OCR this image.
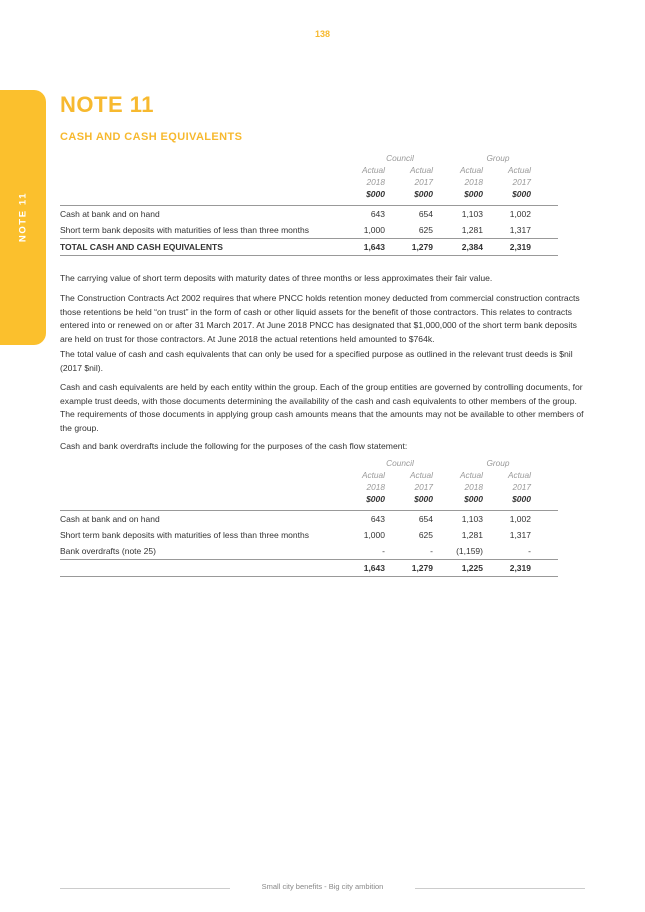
138
NOTE 11
NOTE 11
CASH AND CASH EQUIVALENTS
Council	Group
Actual	Actual	Actual	Actual
2018	2017	2018	2017
$000	$000	$000	$000
Cash at bank and on hand	643	654	1,103	1,002
Short term bank deposits with maturities of less than three months	1,000	625	1,281	1,317
TOTAL CASH AND CASH EQUIVALENTS	1,643	1,279	2,384	2,319

The carrying value of short term deposits with maturity dates of three months or less approximates their fair value.

The Construction Contracts Act 2002 requires that where PNCC holds retention money deducted from commercial construction contracts those retentions be held “on trust” in the form of cash or other liquid assets for the benefit of those contractors. This relates to contracts entered into or renewed on or after 31 March 2017. At June 2018 PNCC has designated that $1,000,000 of the short term bank deposits are held on trust for those contractors. At June 2018 the actual retentions held amounted to $764k.

The total value of cash and cash equivalents that can only be used for a specified purpose as outlined in the relevant trust deeds is $nil (2017 $nil).

Cash and cash equivalents are held by each entity within the group. Each of the group entities are governed by controlling documents, for example trust deeds, with those documents determining the availability of the cash and cash equivalents to other members of the group. The requirements of those documents in applying group cash amounts means that the amounts may not be available to other members of the group.

Cash and bank overdrafts include the following for the purposes of the cash flow statement:

Council	Group
Actual	Actual	Actual	Actual
2018	2017	2018	2017
$000	$000	$000	$000
Cash at bank and on hand	643	654	1,103	1,002
Short term bank deposits with maturities of less than three months	1,000	625	1,281	1,317
Bank overdrafts (note 25)	-	-	(1,159)	-
1,643	1,279	1,225	2,319
Small city benefits - Big city ambition
